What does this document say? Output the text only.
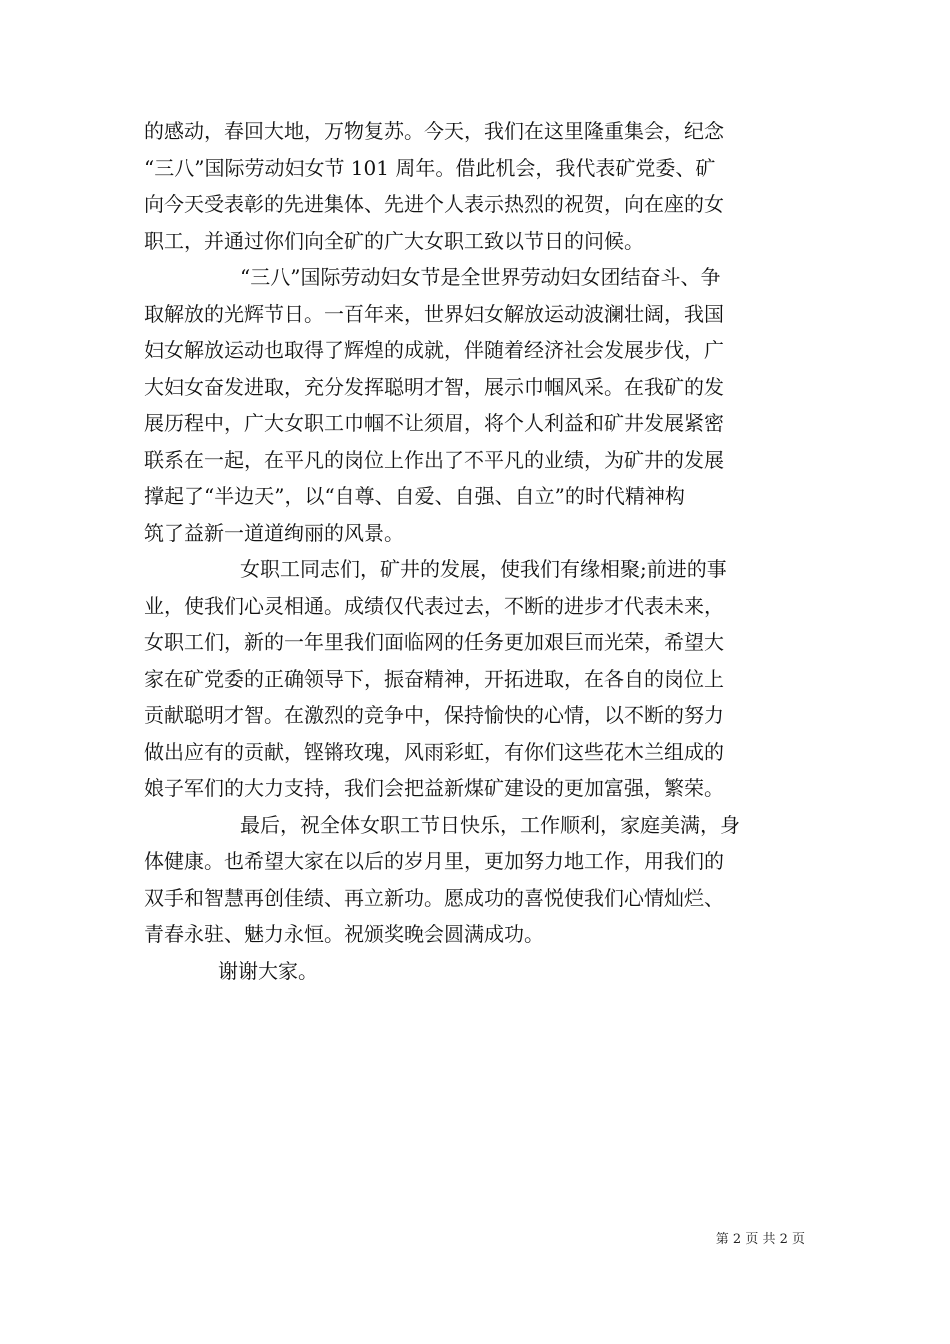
的感动，春回大地，万物复苏。今天，我们在这里隆重集会，纪念
“三八”国际劳动妇女节 101 周年。借此机会，我代表矿党委、矿
向今天受表彰的先进集体、先进个人表示热烈的祝贺，向在座的女
职工，并通过你们向全矿的广大女职工致以节日的问候。
“三八”国际劳动妇女节是全世界劳动妇女团结奋斗、争
取解放的光辉节日。一百年来，世界妇女解放运动波澜壮阔，我国
妇女解放运动也取得了辉煌的成就，伴随着经济社会发展步伐，广
大妇女奋发进取，充分发挥聪明才智，展示巾帼风采。在我矿的发
展历程中，广大女职工巾帼不让须眉，将个人利益和矿井发展紧密
联系在一起，在平凡的岗位上作出了不平凡的业绩，为矿井的发展
撑起了“半边天”，以“自尊、自爱、自强、自立”的时代精神构
筑了益新一道道绚丽的风景。
女职工同志们，矿井的发展，使我们有缘相聚;前进的事
业，使我们心灵相通。成绩仅代表过去，不断的进步才代表未来，
女职工们，新的一年里我们面临网的任务更加艰巨而光荣，希望大
家在矿党委的正确领导下，振奋精神，开拓进取，在各自的岗位上
贡献聪明才智。在激烈的竞争中，保持愉快的心情，以不断的努力
做出应有的贡献，铿锵玫瑰，风雨彩虹，有你们这些花木兰组成的
娘子军们的大力支持，我们会把益新煤矿建设的更加富强，繁荣。
最后，祝全体女职工节日快乐，工作顺利，家庭美满，身
体健康。也希望大家在以后的岁月里，更加努力地工作，用我们的
双手和智慧再创佳绩、再立新功。愿成功的喜悦使我们心情灿烂、
青春永驻、魅力永恒。祝颁奖晚会圆满成功。
谢谢大家。
第 2 页 共 2 页
